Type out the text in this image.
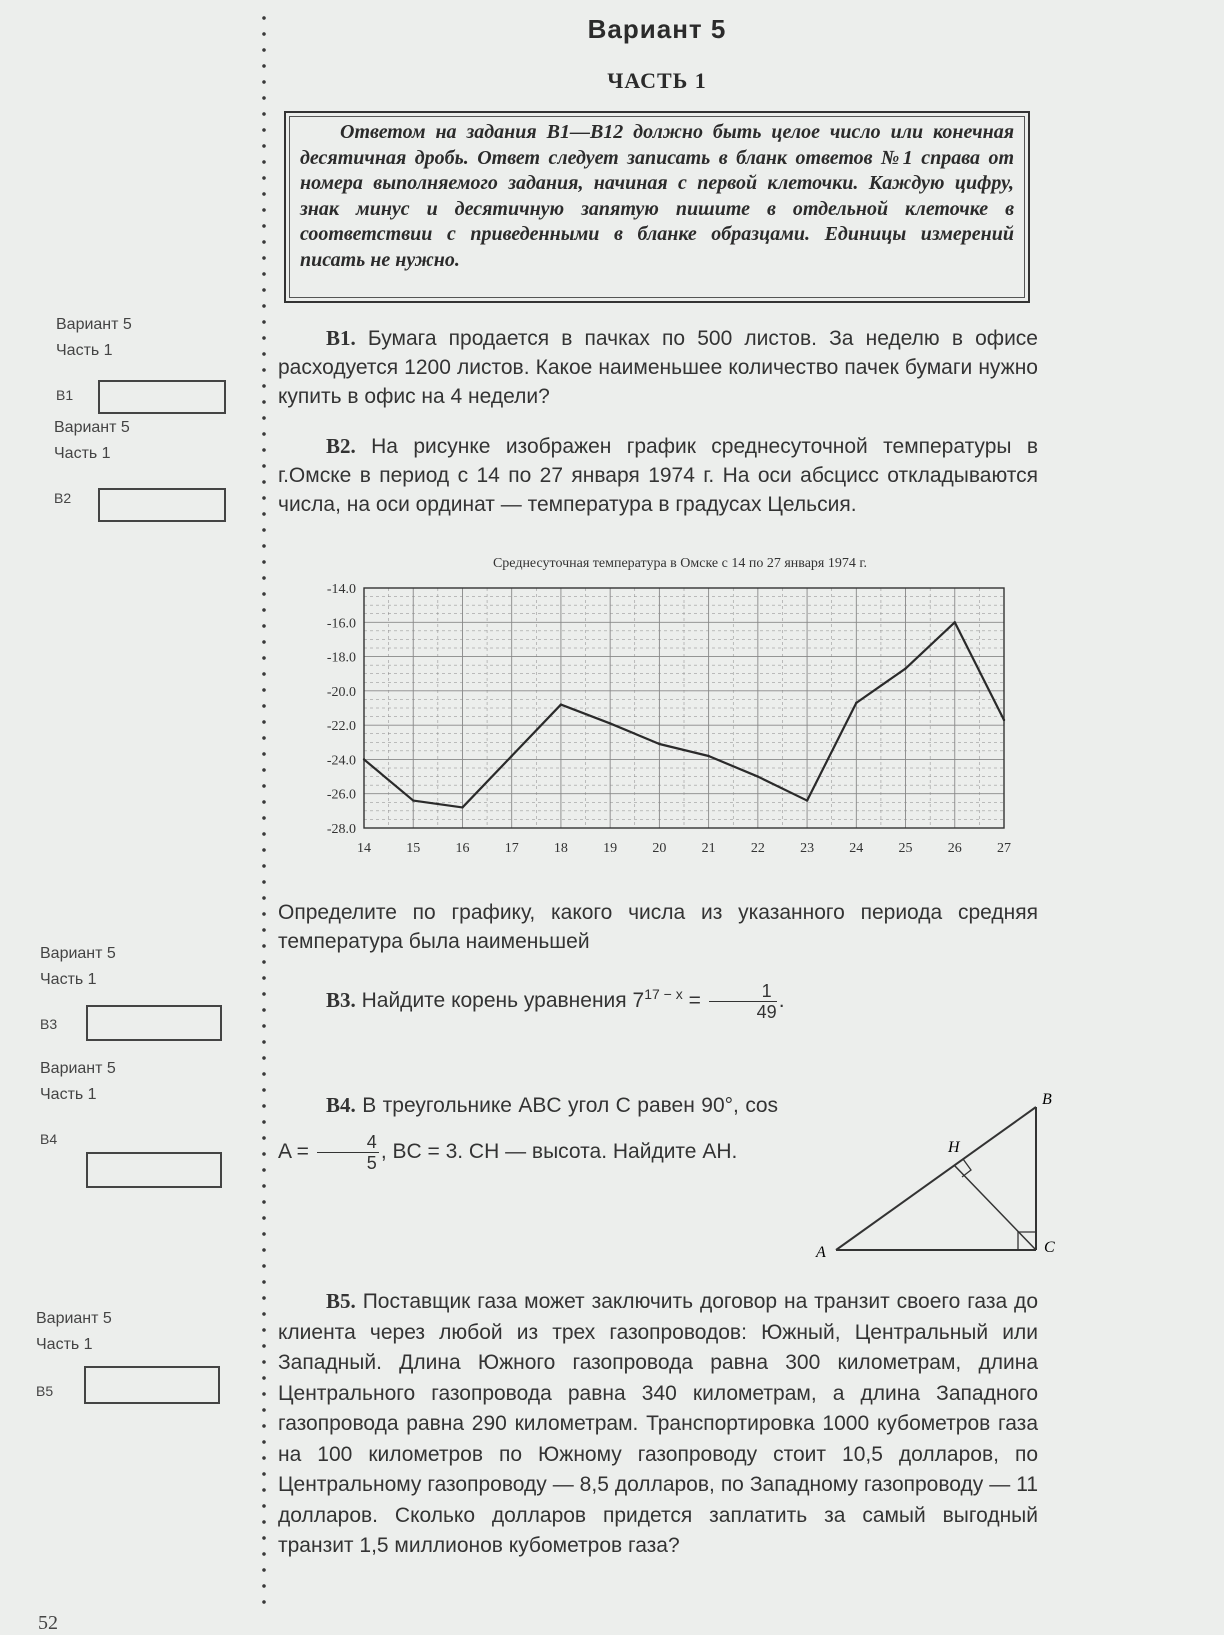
Вариант 5
ЧАСТЬ 1
Ответом на задания В1—В12 должно быть целое число или конечная десятичная дробь. Ответ следует записать в бланк ответов №1 справа от номера выполняемого задания, начиная с первой клеточки. Каждую цифру, знак минус и десятичную запятую пишите в отдельной клеточке в соответствии с приведенными в бланке образцами. Единицы измерений писать не нужно.
Вариант 5
Часть 1
B1
Вариант 5
Часть 1
B2
Вариант 5
Часть 1
B3
Вариант 5
Часть 1
B4
Вариант 5
Часть 1
B5
B1. Бумага продается в пачках по 500 листов. За неделю в офисе расходуется 1200 листов. Какое наименьшее количество пачек бумаги нужно купить в офис на 4 недели?
B2. На рисунке изображен график среднесуточной температуры в г.Омске в период с 14 по 27 января 1974 г. На оси абсцисс откладываются числа, на оси ординат — температура в градусах Цельсия.
Среднесуточная температура в Омске с 14 по 27 января 1974 г.
-14.0
-16.0
-18.0
-20.0
-22.0
-24.0
-26.0
-28.0
14	15	16	17	18	19	20	21	22	23	24	25	26	27
Определите по графику, какого числа из указанного периода средняя температура была наименьшей
B3. Найдите корень уравнения $7^{17 - x} = \frac{1}{49}$ .
B4. В треугольнике ABC угол C равен 90°, $\cos A = \frac{4}{5}$ , BC = 3. CH — высота. Найдите AH.
A
B
C
H
B5. Поставщик газа может заключить договор на транзит своего газа до клиента через любой из трех газопроводов: Южный, Центральный или Западный. Длина Южного газопровода равна 300 километрам, длина Центрального газопровода равна 340 километрам, а длина Западного газопровода равна 290 километрам. Транспортировка 1000 кубометров газа на 100 километров по Южному газопроводу стоит 10,5 долларов, по Центральному газопроводу — 8,5 долларов, по Западному газопроводу — 11 долларов. Сколько долларов придется заплатить за самый выгодный транзит 1,5 миллионов кубометров газа?
52
